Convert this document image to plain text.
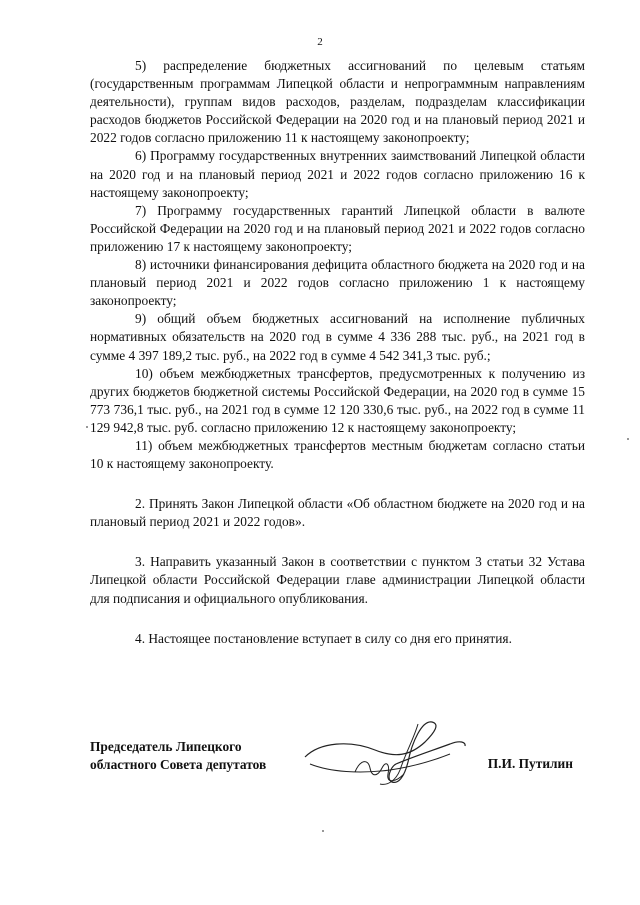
2

5) распределение бюджетных ассигнований по целевым статьям (государственным программам Липецкой области и непрограммным направлениям деятельности), группам видов расходов, разделам, подразделам классификации расходов бюджетов Российской Федерации на 2020 год и на плановый период 2021 и 2022 годов согласно приложению 11 к настоящему законопроекту;

6) Программу государственных внутренних заимствований Липецкой области на 2020 год и на плановый период 2021 и 2022 годов согласно приложению 16 к настоящему законопроекту;

7) Программу государственных гарантий Липецкой области в валюте Российской Федерации на 2020 год и на плановый период 2021 и 2022 годов согласно приложению 17 к настоящему законопроекту;

8) источники финансирования дефицита областного бюджета на 2020 год и на плановый период 2021 и 2022 годов согласно приложению 1 к настоящему законопроекту;

9) общий объем бюджетных ассигнований на исполнение публичных нормативных обязательств на 2020 год в сумме 4 336 288 тыс. руб., на 2021 год в сумме 4 397 189,2 тыс. руб., на 2022 год в сумме 4 542 341,3 тыс. руб.;

10) объем межбюджетных трансфертов, предусмотренных к получению из других бюджетов бюджетной системы Российской Федерации, на 2020 год в сумме 15 773 736,1 тыс. руб., на 2021 год в сумме 12 120 330,6 тыс. руб., на 2022 год в сумме 11 129 942,8 тыс. руб. согласно приложению 12 к настоящему законопроекту;

11) объем межбюджетных трансфертов местным бюджетам согласно статьи 10 к настоящему законопроекту.

2. Принять Закон Липецкой области «Об областном бюджете на 2020 год и на плановый период 2021 и 2022 годов».

3. Направить указанный Закон в соответствии с пунктом 3 статьи 32 Устава Липецкой области Российской Федерации главе администрации Липецкой области для подписания и официального опубликования.

4. Настоящее постановление вступает в силу со дня его принятия.

Председатель Липецкого
областного Совета депутатов	П.И. Путилин
